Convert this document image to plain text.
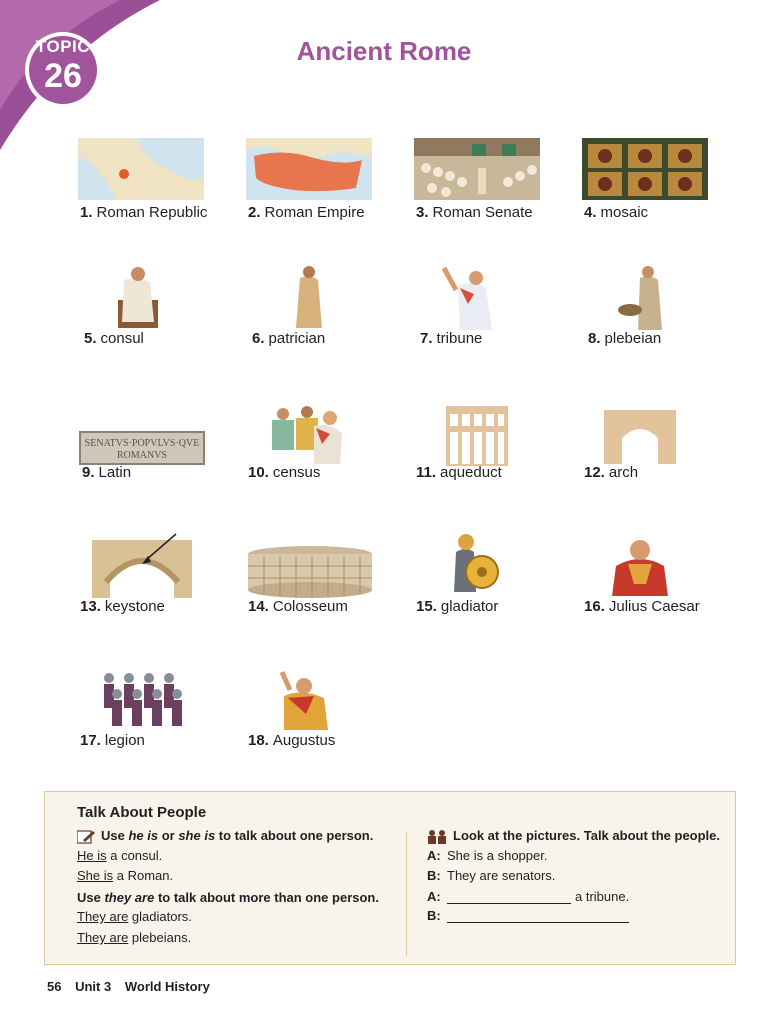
TOPIC
26
Ancient Rome
1. Roman Republic	2. Roman Empire	3. Roman Senate	4. mosaic
5. consul	6. patrician	7. tribune	8. plebeian
SENATVS·POPVLVS·QVE
ROMANVS
9. Latin	10. census	11. aqueduct	12. arch
13. keystone	14. Colosseum	15. gladiator	16. Julius Caesar
17. legion	18. Augustus
Talk About People
Use he is or she is to talk about one person.
He is a consul.
She is a Roman.
Use they are to talk about more than one person.
They are gladiators.
They are plebeians.
Look at the pictures. Talk about the people.
A: She is a shopper.
B: They are senators.
A:	a tribune.
B:
56 Unit 3 World History
